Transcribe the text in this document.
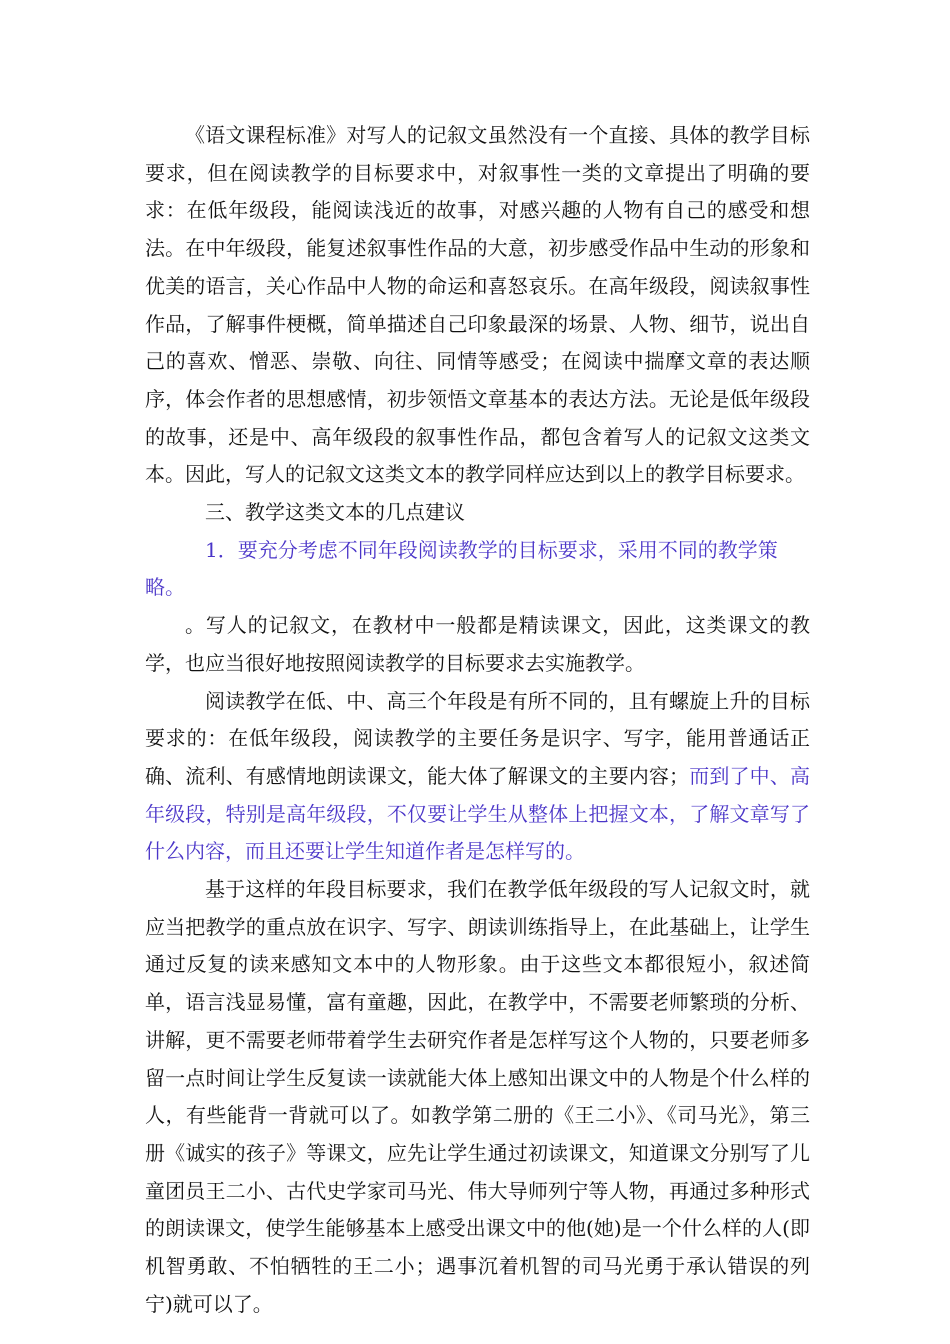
《语文课程标准》对写人的记叙文虽然没有一个直接、具体的教学目标要求，但在阅读教学的目标要求中，对叙事性一类的文章提出了明确的要求：在低年级段，能阅读浅近的故事，对感兴趣的人物有自己的感受和想法。在中年级段，能复述叙事性作品的大意，初步感受作品中生动的形象和优美的语言，关心作品中人物的命运和喜怒哀乐。在高年级段，阅读叙事性作品，了解事件梗概，简单描述自己印象最深的场景、人物、细节，说出自己的喜欢、憎恶、崇敬、向往、同情等感受；在阅读中揣摩文章的表达顺序，体会作者的思想感情，初步领悟文章基本的表达方法。无论是低年级段的故事，还是中、高年级段的叙事性作品，都包含着写人的记叙文这类文本。因此，写人的记叙文这类文本的教学同样应达到以上的教学目标要求。

三、教学这类文本的几点建议

1．要充分考虑不同年段阅读教学的目标要求，采用不同的教学策略。

。写人的记叙文，在教材中一般都是精读课文，因此，这类课文的教学，也应当很好地按照阅读教学的目标要求去实施教学。

阅读教学在低、中、高三个年段是有所不同的，且有螺旋上升的目标要求的：在低年级段，阅读教学的主要任务是识字、写字，能用普通话正确、流利、有感情地朗读课文，能大体了解课文的主要内容；而到了中、高年级段，特别是高年级段，不仅要让学生从整体上把握文本，了解文章写了什么内容，而且还要让学生知道作者是怎样写的。

基于这样的年段目标要求，我们在教学低年级段的写人记叙文时，就应当把教学的重点放在识字、写字、朗读训练指导上，在此基础上，让学生通过反复的读来感知文本中的人物形象。由于这些文本都很短小，叙述简单，语言浅显易懂，富有童趣，因此，在教学中，不需要老师繁琐的分析、讲解，更不需要老师带着学生去研究作者是怎样写这个人物的，只要老师多留一点时间让学生反复读一读就能大体上感知出课文中的人物是个什么样的人，有些能背一背就可以了。如教学第二册的《王二小》、《司马光》，第三册《诚实的孩子》等课文，应先让学生通过初读课文，知道课文分别写了儿童团员王二小、古代史学家司马光、伟大导师列宁等人物，再通过多种形式的朗读课文，使学生能够基本上感受出课文中的他(她)是一个什么样的人(即机智勇敢、不怕牺牲的王二小；遇事沉着机智的司马光勇于承认错误的列宁)就可以了。
